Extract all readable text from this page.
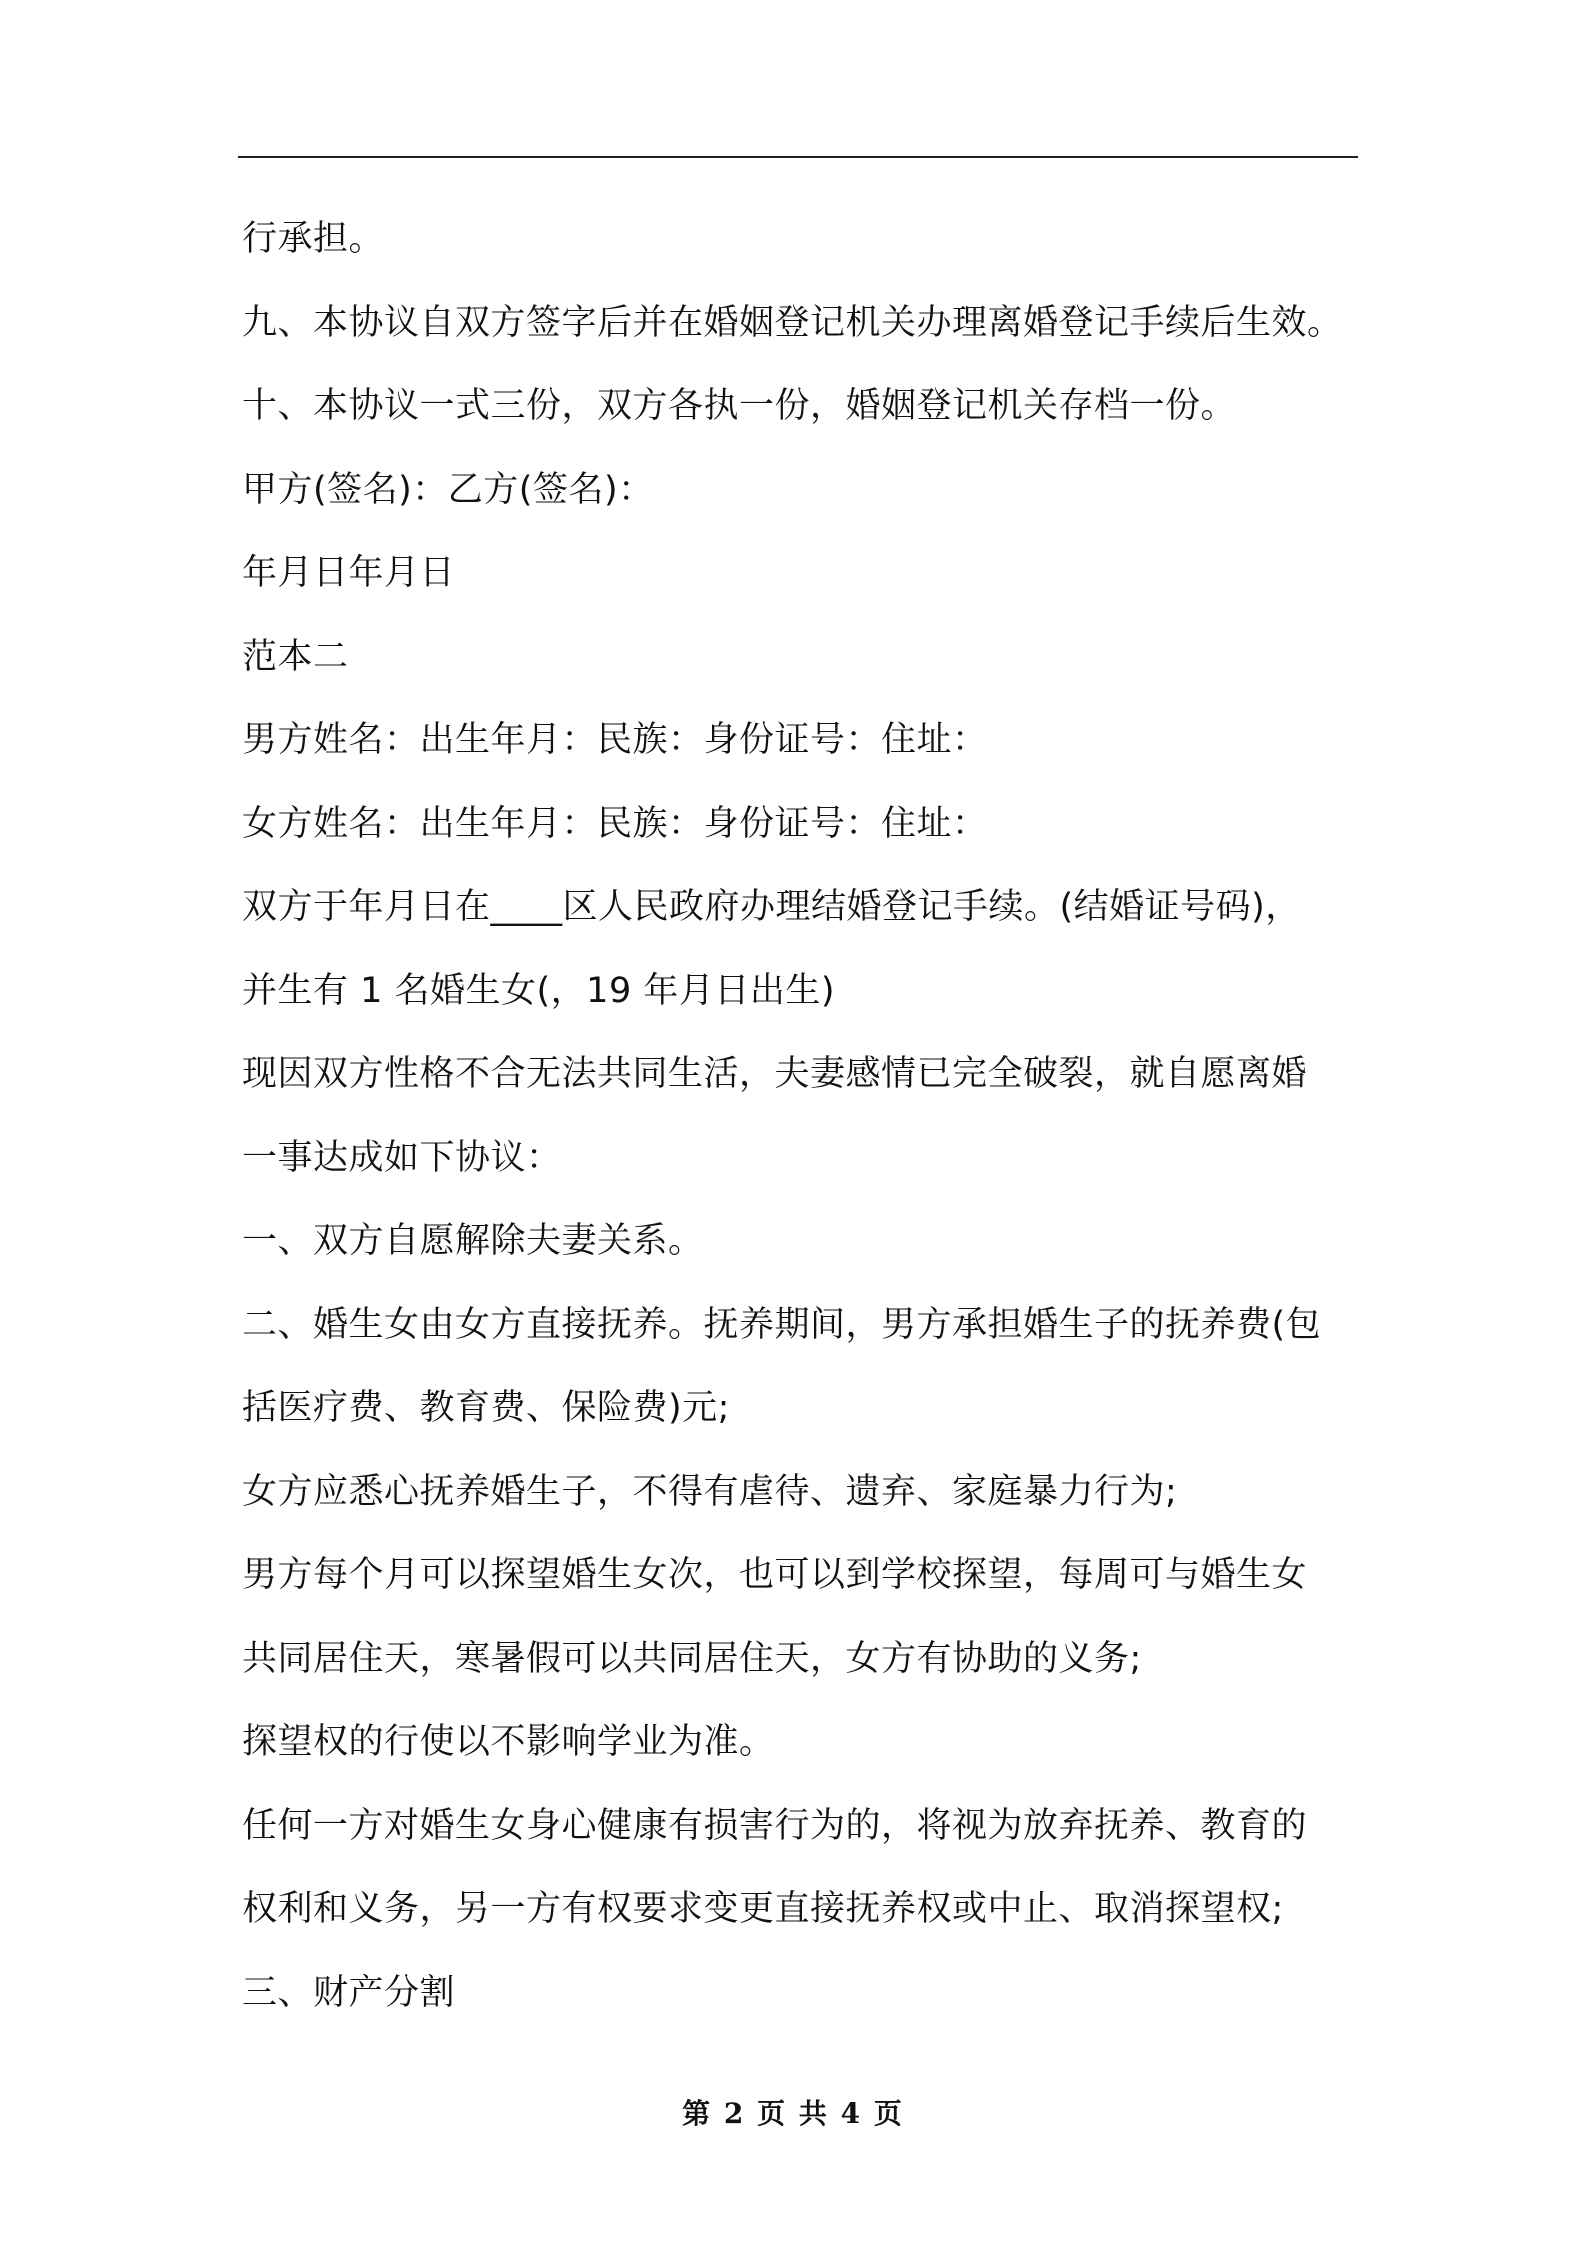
行承担。
九、本协议自双方签字后并在婚姻登记机关办理离婚登记手续后生效。
十、本协议一式三份，双方各执一份，婚姻登记机关存档一份。
甲方(签名)：乙方(签名)：
年月日年月日
范本二
男方姓名：出生年月：民族：身份证号：住址：
女方姓名：出生年月：民族：身份证号：住址：
双方于年月日在____区人民政府办理结婚登记手续。(结婚证号码)，
并生有 1 名婚生女(，19 年月日出生)
现因双方性格不合无法共同生活，夫妻感情已完全破裂，就自愿离婚
一事达成如下协议：
一、双方自愿解除夫妻关系。
二、婚生女由女方直接抚养。抚养期间，男方承担婚生子的抚养费(包
括医疗费、教育费、保险费)元;
女方应悉心抚养婚生子，不得有虐待、遗弃、家庭暴力行为;
男方每个月可以探望婚生女次，也可以到学校探望，每周可与婚生女
共同居住天，寒暑假可以共同居住天，女方有协助的义务;
探望权的行使以不影响学业为准。
任何一方对婚生女身心健康有损害行为的，将视为放弃抚养、教育的
权利和义务，另一方有权要求变更直接抚养权或中止、取消探望权;
三、财产分割
第 2 页 共 4 页
